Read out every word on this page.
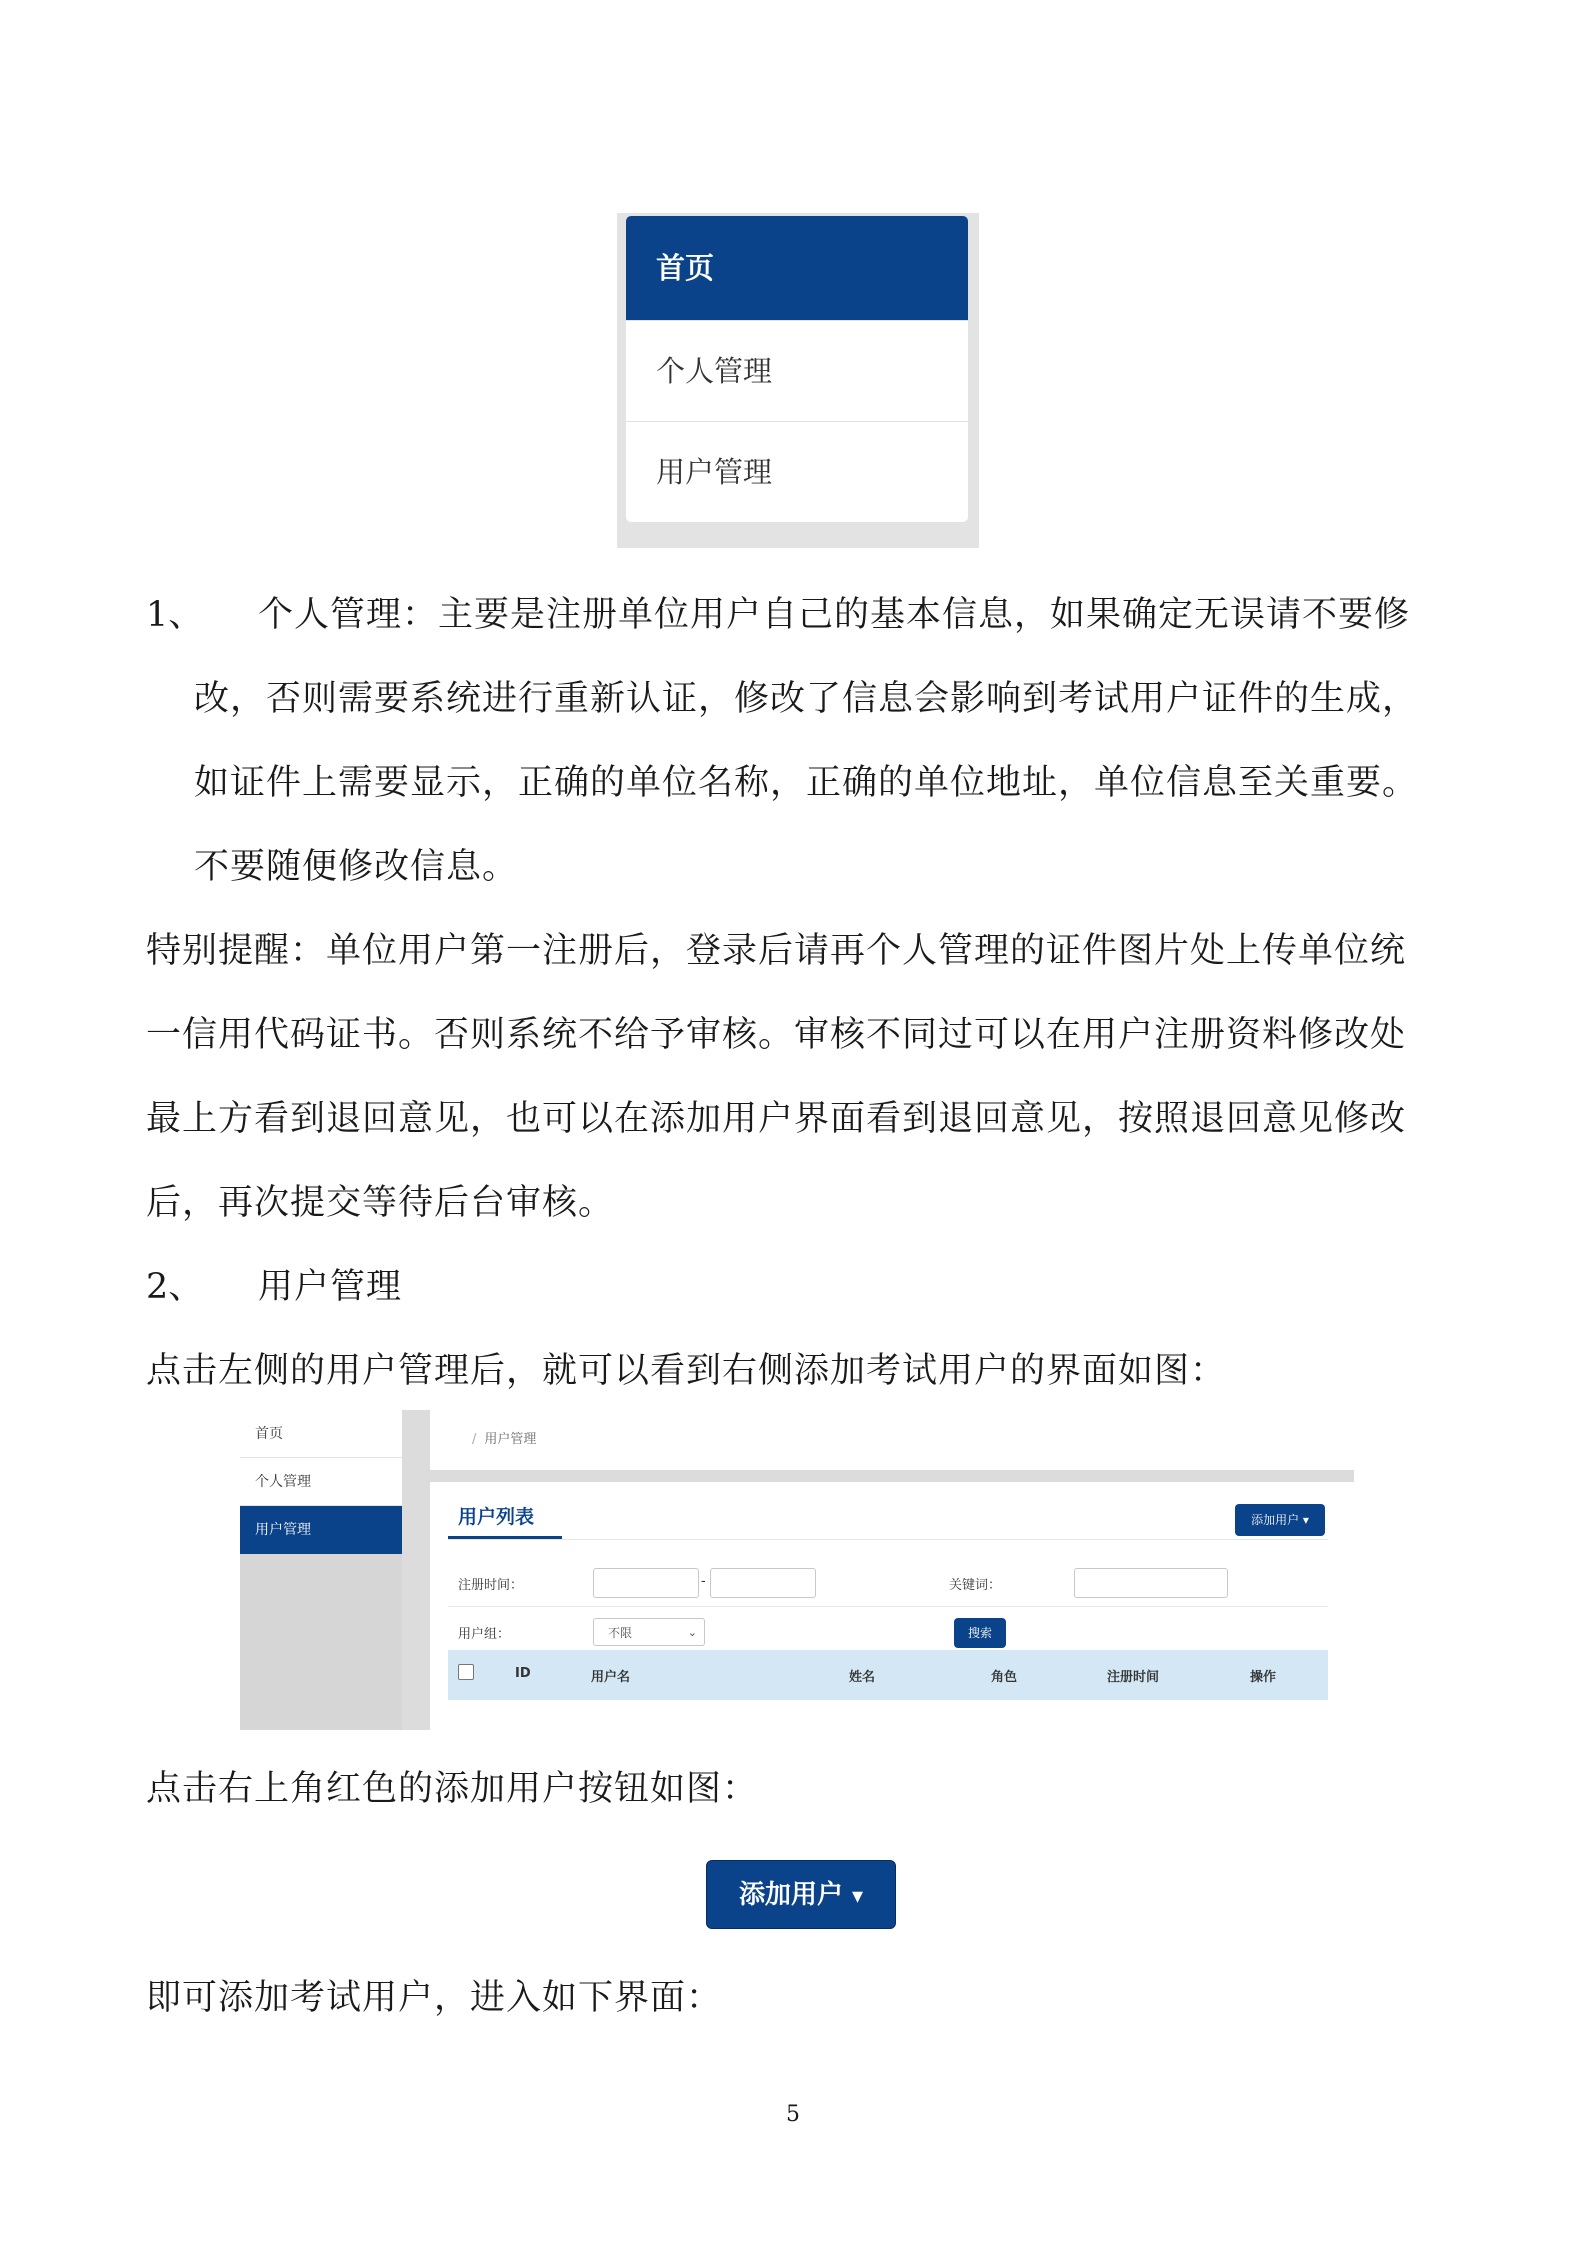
首页
个人管理
用户管理
1、 个人管理：主要是注册单位用户自己的基本信息，如果确定无误请不要修
改，否则需要系统进行重新认证，修改了信息会影响到考试用户证件的生成，
如证件上需要显示，正确的单位名称，正确的单位地址，单位信息至关重要。
不要随便修改信息。
特别提醒：单位用户第一注册后，登录后请再个人管理的证件图片处上传单位统
一信用代码证书。否则系统不给予审核。审核不同过可以在用户注册资料修改处
最上方看到退回意见，也可以在添加用户界面看到退回意见，按照退回意见修改
后，再次提交等待后台审核。
2、 用户管理
点击左侧的用户管理后，就可以看到右侧添加考试用户的界面如图：
首页
个人管理
用户管理
/ 用户管理
用户列表	添加用户 ▾
注册时间：	-	关键词：
用户组：	不限	⌄	搜索
ID	用户名	姓名	角色	注册时间	操作
点击右上角红色的添加用户按钮如图：
添加用户 ▾
即可添加考试用户，进入如下界面：
5
